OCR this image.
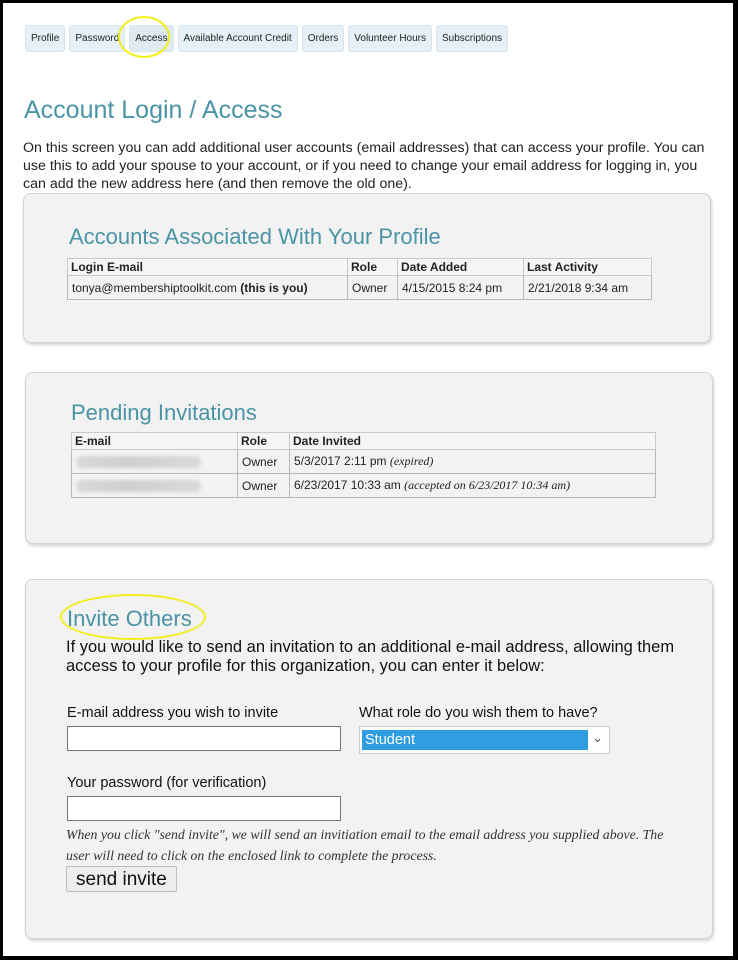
Profile	Password	Access	Available Account Credit	Orders	Volunteer Hours	Subscriptions
Account Login / Access

On this screen you can add additional user accounts (email addresses) that can access your profile. You can use this to add your spouse to your account, or if you need to change your email address for logging in, you can add the new address here (and then remove the old one).

Accounts Associated With Your Profile
Login E-mail	Role	Date Added	Last Activity
tonya@membershiptoolkit.com (this is you)	Owner	4/15/2015 8:24 pm	2/21/2018 9:34 am
Pending Invitations
E-mail	Role	Date Invited
	Owner	5/3/2017 2:11 pm (expired)
	Owner	6/23/2017 10:33 am (accepted on 6/23/2017 10:34 am)
Invite Others

If you would like to send an invitation to an additional e-mail address, allowing them access to your profile for this organization, you can enter it below:

E-mail address you wish to invite	What role do you wish them to have?
Student	⌄
Your password (for verification)

When you click "send invite", we will send an invitiation email to the email address you supplied above. The user will need to click on the enclosed link to complete the process.

send invite
